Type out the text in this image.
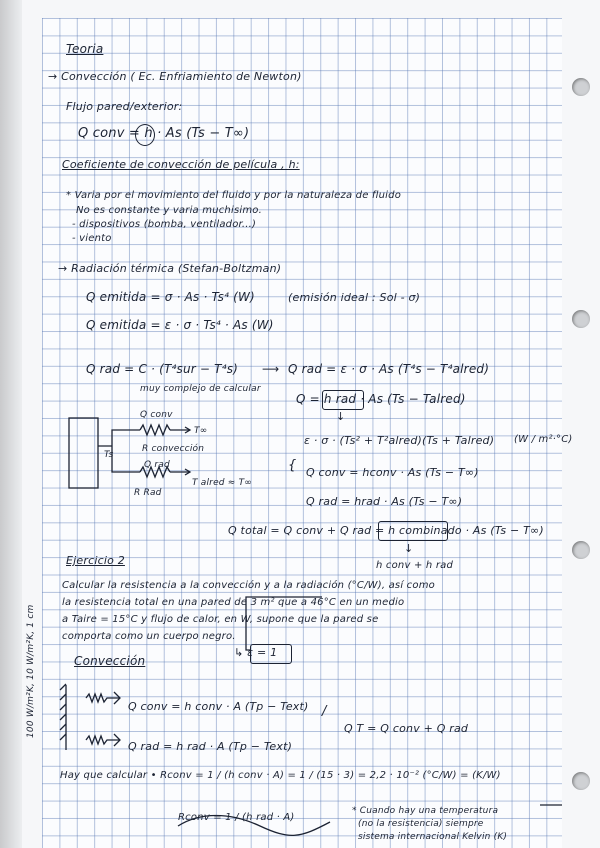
Teoria
→ Convección ( Ec. Enfriamiento de Newton)
Flujo pared/exterior:
Q conv = h · As (Ts − T∞)
Coeficiente de convección de película , h:
* Varia por el movimiento del fluido y por la naturaleza de fluido
No es constante y varia muchisimo.
- dispositivos (bomba, ventilador...)
- viento
→ Radiación térmica (Stefan-Boltzman)
Q emitida = σ · As · Ts⁴ (W)	(emisión ideal : Sol - σ)
Q emitida = ε · σ · Ts⁴ · As (W)
Q rad = C · (T⁴sur − T⁴s)
muy complejo de calcular
⟶ Q rad = ε · σ · As (T⁴s − T⁴alred)
Q = h rad · As (Ts − Talred)
↓
ε · σ · (Ts² + T²alred)(Ts + Talred) (W / m²·°C)
{ Q conv = hconv · As (Ts − T∞)
Q rad = hrad · As (Ts − T∞)
Q total = Q conv + Q rad = h combinado · As (Ts − T∞)
↓
h conv + h rad
Q conv
R convección
Q rad
Ts
T∞
T alred ≈ T∞
R Rad
Ejercicio 2
Calcular la resistencia a la convección y a la radiación (°C/W), así como
la resistencia total en una pared de 3 m² que a 46°C en un medio
a Taire = 15°C y flujo de calor, en W, supone que la pared se
comporta como un cuerpo negro.
↳ ε = 1
Convección
100 W/m²K, 10 W/m²K, 1 cm	Q conv = h conv · A (Tp − Text)
Q rad = h rad · A (Tp − Text)
/
Q T = Q conv + Q rad
Hay que calcular • Rconv = 1 / (h conv · A) = 1 / (15 · 3) = 2,2 · 10⁻² (°C/W) = (K/W)
Rconv = 1 / (h rad · A)
* Cuando hay una temperatura
(no la resistencia) siempre
sistema internacional Kelvin (K)
